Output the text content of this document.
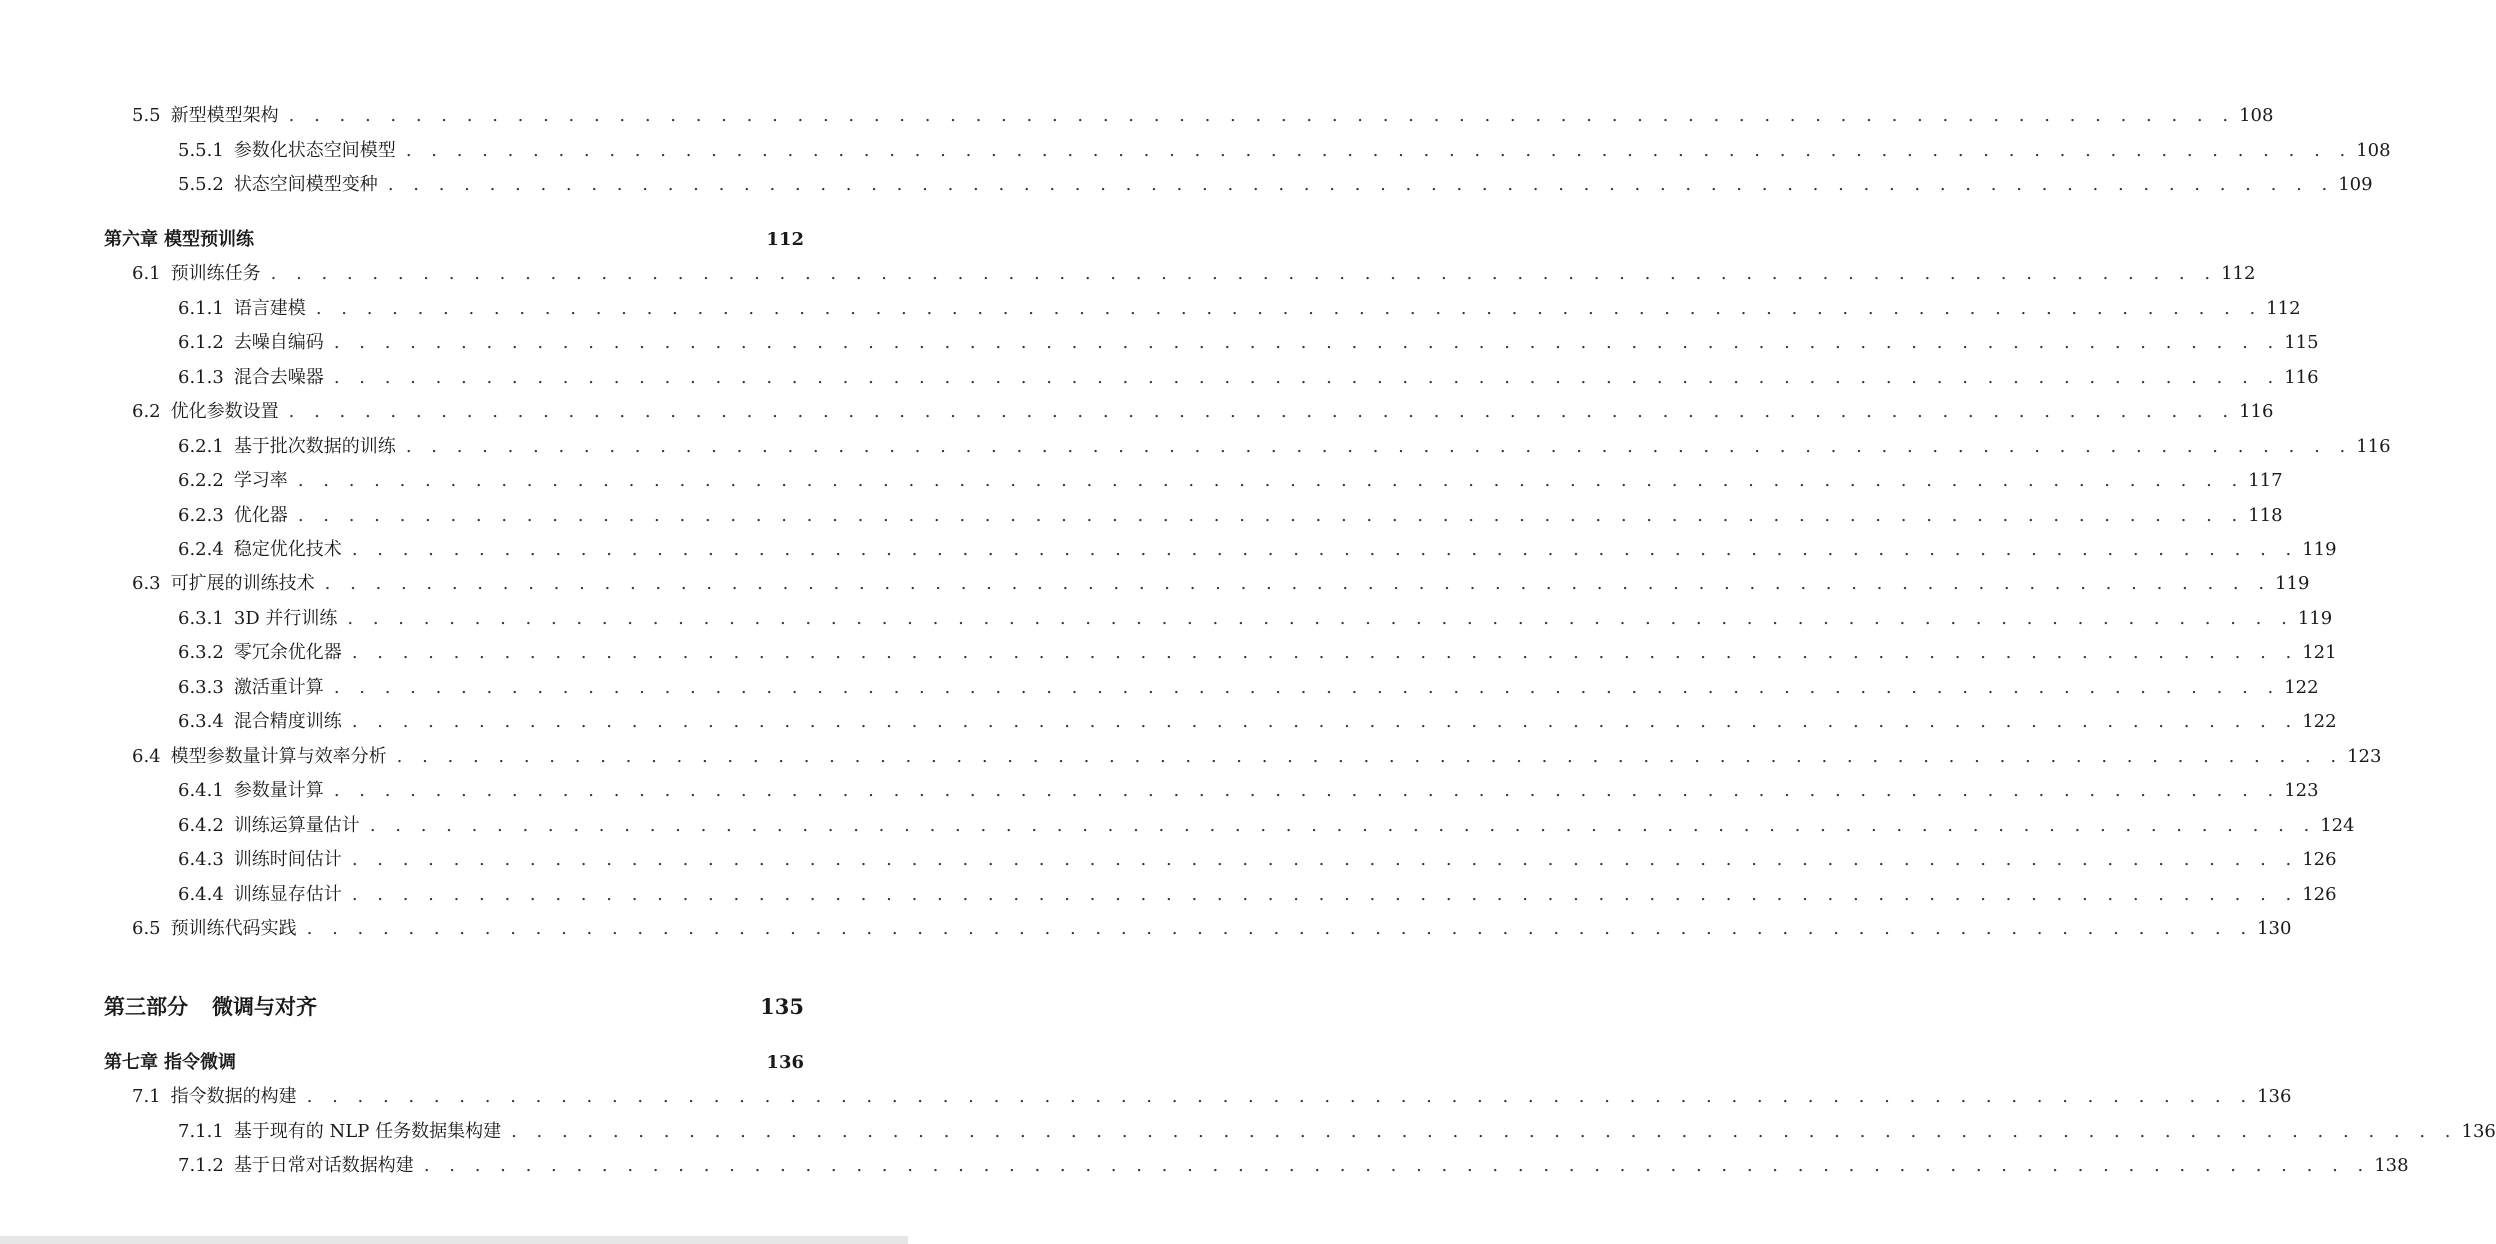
5.5 新型模型架构 . . . . . . . . . . . . . . . . . . . . . . . . . . . . . . . . . . . . . . . . . . . . . . . . . . . . . . . . . . . . . . . . . . . . . . . . . . . . . 108
5.5.1 参数化状态空间模型 . . . . . . . . . . . . . . . . . . . . . . . . . . . . . . . . . . . . . . . . . . . . . . . . . . . . . . . . . . . . . . . . . . . . . . . . . . . . . 108
5.5.2 状态空间模型变种 . . . . . . . . . . . . . . . . . . . . . . . . . . . . . . . . . . . . . . . . . . . . . . . . . . . . . . . . . . . . . . . . . . . . . . . . . . . . . 109
第六章 模型预训练	112
6.1 预训练任务 . . . . . . . . . . . . . . . . . . . . . . . . . . . . . . . . . . . . . . . . . . . . . . . . . . . . . . . . . . . . . . . . . . . . . . . . . . . . . 112
6.1.1 语言建模 . . . . . . . . . . . . . . . . . . . . . . . . . . . . . . . . . . . . . . . . . . . . . . . . . . . . . . . . . . . . . . . . . . . . . . . . . . . . . 112
6.1.2 去噪自编码 . . . . . . . . . . . . . . . . . . . . . . . . . . . . . . . . . . . . . . . . . . . . . . . . . . . . . . . . . . . . . . . . . . . . . . . . . . . . . 115
6.1.3 混合去噪器 . . . . . . . . . . . . . . . . . . . . . . . . . . . . . . . . . . . . . . . . . . . . . . . . . . . . . . . . . . . . . . . . . . . . . . . . . . . . . 116
6.2 优化参数设置 . . . . . . . . . . . . . . . . . . . . . . . . . . . . . . . . . . . . . . . . . . . . . . . . . . . . . . . . . . . . . . . . . . . . . . . . . . . . . 116
6.2.1 基于批次数据的训练 . . . . . . . . . . . . . . . . . . . . . . . . . . . . . . . . . . . . . . . . . . . . . . . . . . . . . . . . . . . . . . . . . . . . . . . . . . . . . 116
6.2.2 学习率 . . . . . . . . . . . . . . . . . . . . . . . . . . . . . . . . . . . . . . . . . . . . . . . . . . . . . . . . . . . . . . . . . . . . . . . . . . . . . 117
6.2.3 优化器 . . . . . . . . . . . . . . . . . . . . . . . . . . . . . . . . . . . . . . . . . . . . . . . . . . . . . . . . . . . . . . . . . . . . . . . . . . . . . 118
6.2.4 稳定优化技术 . . . . . . . . . . . . . . . . . . . . . . . . . . . . . . . . . . . . . . . . . . . . . . . . . . . . . . . . . . . . . . . . . . . . . . . . . . . . . 119
6.3 可扩展的训练技术 . . . . . . . . . . . . . . . . . . . . . . . . . . . . . . . . . . . . . . . . . . . . . . . . . . . . . . . . . . . . . . . . . . . . . . . . . . . . . 119
6.3.1 3D 并行训练 . . . . . . . . . . . . . . . . . . . . . . . . . . . . . . . . . . . . . . . . . . . . . . . . . . . . . . . . . . . . . . . . . . . . . . . . . . . . . 119
6.3.2 零冗余优化器 . . . . . . . . . . . . . . . . . . . . . . . . . . . . . . . . . . . . . . . . . . . . . . . . . . . . . . . . . . . . . . . . . . . . . . . . . . . . . 121
6.3.3 激活重计算 . . . . . . . . . . . . . . . . . . . . . . . . . . . . . . . . . . . . . . . . . . . . . . . . . . . . . . . . . . . . . . . . . . . . . . . . . . . . . 122
6.3.4 混合精度训练 . . . . . . . . . . . . . . . . . . . . . . . . . . . . . . . . . . . . . . . . . . . . . . . . . . . . . . . . . . . . . . . . . . . . . . . . . . . . . 122
6.4 模型参数量计算与效率分析 . . . . . . . . . . . . . . . . . . . . . . . . . . . . . . . . . . . . . . . . . . . . . . . . . . . . . . . . . . . . . . . . . . . . . . . . . . . . . 123
6.4.1 参数量计算 . . . . . . . . . . . . . . . . . . . . . . . . . . . . . . . . . . . . . . . . . . . . . . . . . . . . . . . . . . . . . . . . . . . . . . . . . . . . . 123
6.4.2 训练运算量估计 . . . . . . . . . . . . . . . . . . . . . . . . . . . . . . . . . . . . . . . . . . . . . . . . . . . . . . . . . . . . . . . . . . . . . . . . . . . . . 124
6.4.3 训练时间估计 . . . . . . . . . . . . . . . . . . . . . . . . . . . . . . . . . . . . . . . . . . . . . . . . . . . . . . . . . . . . . . . . . . . . . . . . . . . . . 126
6.4.4 训练显存估计 . . . . . . . . . . . . . . . . . . . . . . . . . . . . . . . . . . . . . . . . . . . . . . . . . . . . . . . . . . . . . . . . . . . . . . . . . . . . . 126
6.5 预训练代码实践 . . . . . . . . . . . . . . . . . . . . . . . . . . . . . . . . . . . . . . . . . . . . . . . . . . . . . . . . . . . . . . . . . . . . . . . . . . . . . 130
第三部分 微调与对齐	135
第七章 指令微调	136
7.1 指令数据的构建 . . . . . . . . . . . . . . . . . . . . . . . . . . . . . . . . . . . . . . . . . . . . . . . . . . . . . . . . . . . . . . . . . . . . . . . . . . . . . 136
7.1.1 基于现有的 NLP 任务数据集构建 . . . . . . . . . . . . . . . . . . . . . . . . . . . . . . . . . . . . . . . . . . . . . . . . . . . . . . . . . . . . . . . . . . . . . . . . . . . . . 136
7.1.2 基于日常对话数据构建 . . . . . . . . . . . . . . . . . . . . . . . . . . . . . . . . . . . . . . . . . . . . . . . . . . . . . . . . . . . . . . . . . . . . . . . . . . . . . 138
